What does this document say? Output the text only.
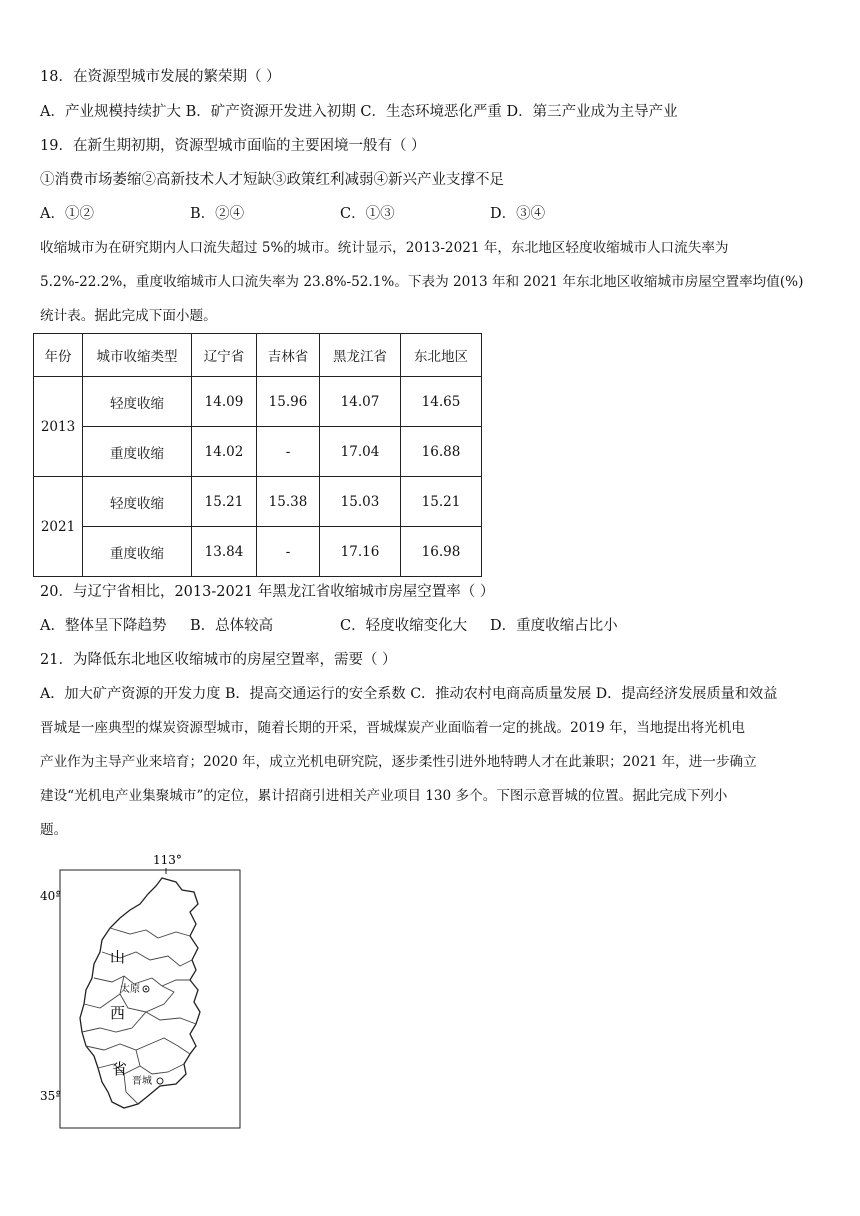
18．在资源型城市发展的繁荣期（ ）
A．产业规模持续扩大 B．矿产资源开发进入初期 C．生态环境恶化严重 D．第三产业成为主导产业
19．在新生期初期，资源型城市面临的主要困境一般有（ ）
①消费市场萎缩②高新技术人才短缺③政策红利减弱④新兴产业支撑不足
A．①②	B．②④	C．①③	D．③④
收缩城市为在研究期内人口流失超过 5%的城市。统计显示，2013-2021 年，东北地区轻度收缩城市人口流失率为
5.2%-22.2%，重度收缩城市人口流失率为 23.8%-52.1%。下表为 2013 年和 2021 年东北地区收缩城市房屋空置率均值(%)
统计表。据此完成下面小题。
年份	城市收缩类型	辽宁省	吉林省	黑龙江省	东北地区
2013	轻度收缩	14.09	15.96	14.07	14.65
	重度收缩	14.02	-	17.04	16.88
2021	轻度收缩	15.21	15.38	15.03	15.21
	重度收缩	13.84	-	17.16	16.98
20．与辽宁省相比，2013-2021 年黑龙江省收缩城市房屋空置率（ ）
A．整体呈下降趋势 B．总体较高	C．轻度收缩变化大 D．重度收缩占比小
21．为降低东北地区收缩城市的房屋空置率，需要（ ）
A．加大矿产资源的开发力度 B．提高交通运行的安全系数 C．推动农村电商高质量发展 D．提高经济发展质量和效益
晋城是一座典型的煤炭资源型城市，随着长期的开采，晋城煤炭产业面临着一定的挑战。2019 年，当地提出将光机电
产业作为主导产业来培育；2020 年，成立光机电研究院，逐步柔性引进外地特聘人才在此兼职；2021 年，进一步确立
建设“光机电产业集聚城市”的定位，累计招商引进相关产业项目 130 多个。下图示意晋城的位置。据此完成下列小
题。
113°
40°
35°
山
西
省
太原
晋城
